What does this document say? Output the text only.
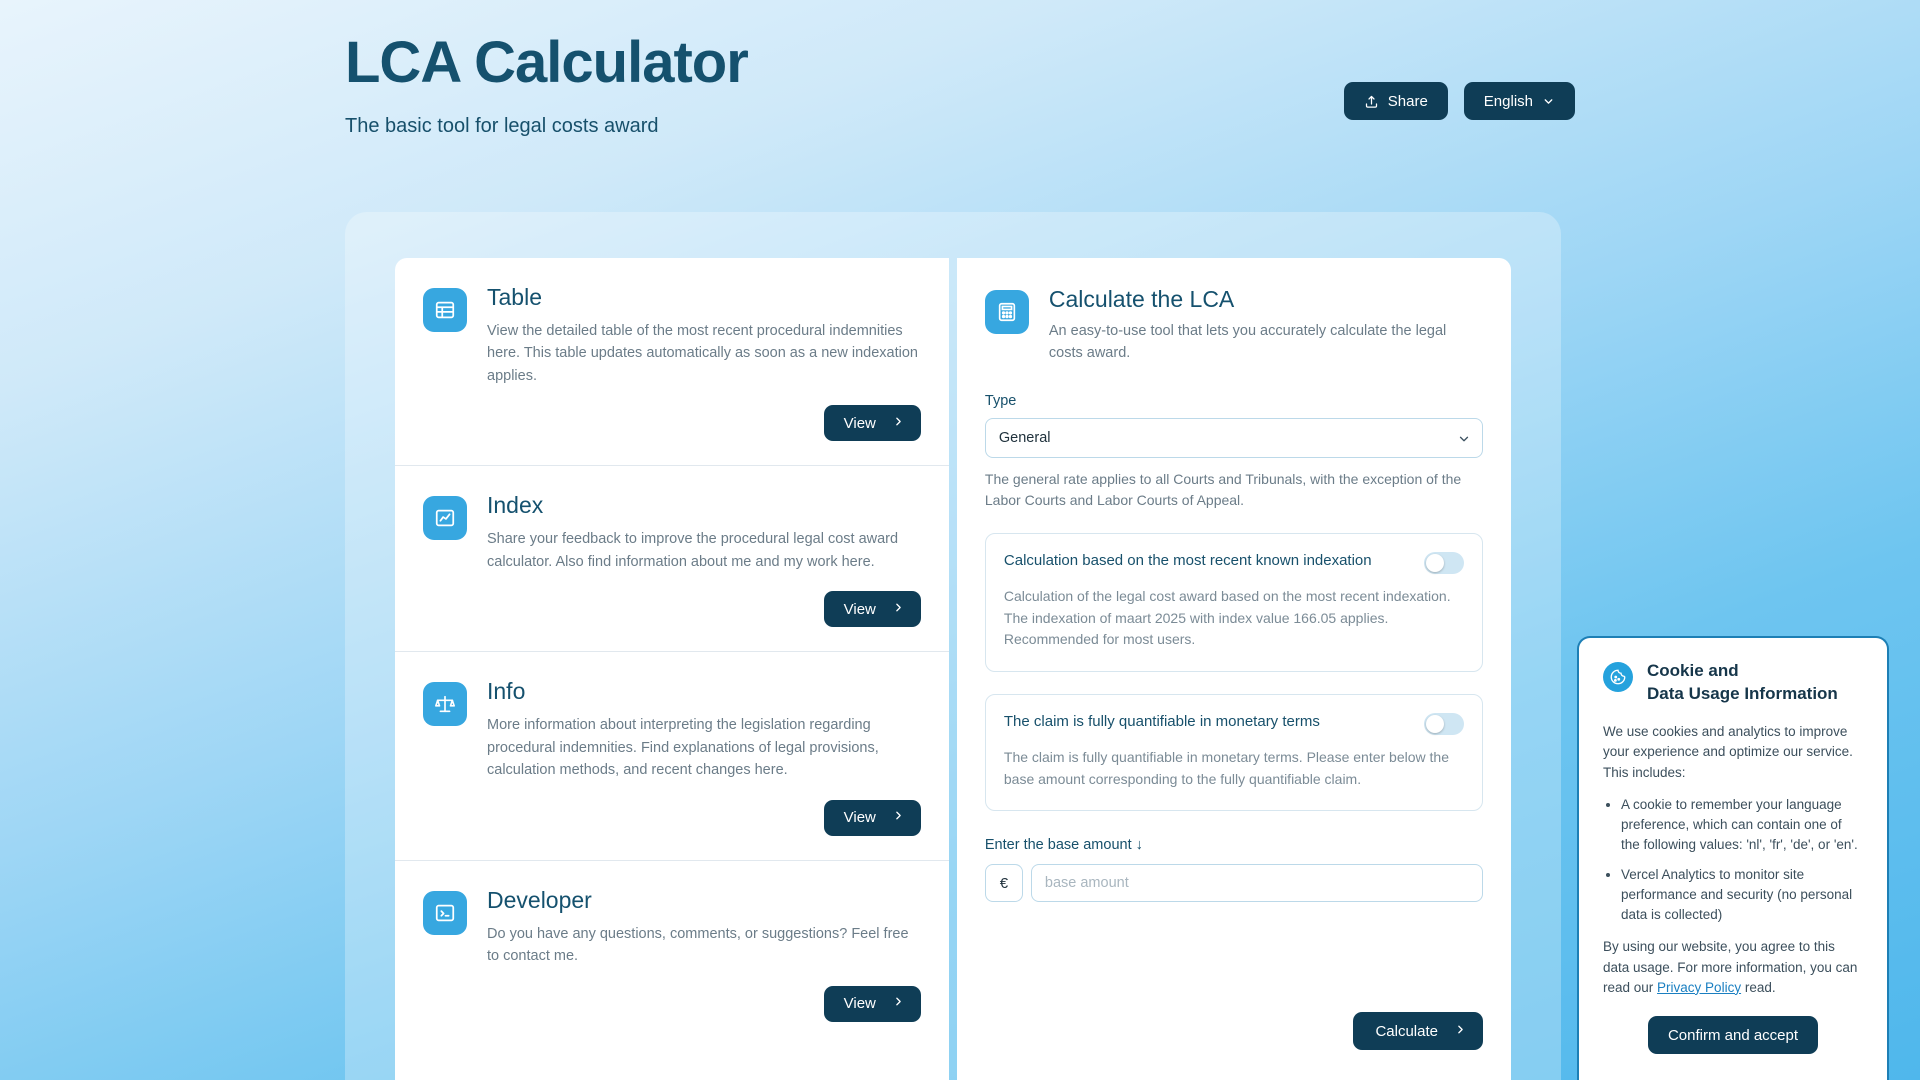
LCA Calculator
The basic tool for legal costs award
Share	English
Table
View the detailed table of the most recent procedural indemnities here. This table updates automatically as soon as a new indexation applies.
View
Index
Share your feedback to improve the procedural legal cost award calculator. Also find information about me and my work here.
View
Info
More information about interpreting the legislation regarding procedural indemnities. Find explanations of legal provisions, calculation methods, and recent changes here.
View
Developer
Do you have any questions, comments, or suggestions? Feel free to contact me.
View
Calculate the LCA
An easy-to-use tool that lets you accurately calculate the legal costs award.
Type
General
The general rate applies to all Courts and Tribunals, with the exception of the Labor Courts and Labor Courts of Appeal.
Calculation based on the most recent known indexation
Calculation of the legal cost award based on the most recent indexation. The indexation of maart 2025 with index value 166.05 applies. Recommended for most users.
The claim is fully quantifiable in monetary terms
The claim is fully quantifiable in monetary terms. Please enter below the base amount corresponding to the fully quantifiable claim.
Enter the base amount ↓
€
base amount
Calculate
Cookie and
Data Usage Information
We use cookies and analytics to improve your experience and optimize our service. This includes:
• A cookie to remember your language preference, which can contain one of the following values: 'nl', 'fr', 'de', or 'en'.
• Vercel Analytics to monitor site performance and security (no personal data is collected)
By using our website, you agree to this data usage. For more information, you can read our Privacy Policy read.
Confirm and accept
